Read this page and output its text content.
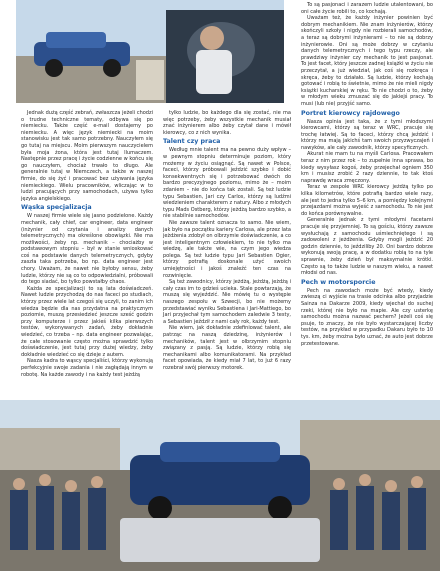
Jednak dużą część zebrań, zwłaszcza jeżeli chodzi o trudne techniczne tematy, odbywa się po niemiecku. Także część e-mail dostajemy po niemiecku. A więc język niemiecki na moim stanowisku jest tak samo potrzebny. Nauczyłem się go tutaj na miejscu. Moim pierwszym nauczycielem była moja żona, która jest tutaj Ilumaczem. Następnie przez pracę i życie codzienne w końcu się go nauczyłem, chociaż trwało to długo. Ale generalnie tutaj w Niemczech, a także w naszej firmie, do się żyć i pracować bez używania języka niemieckiego. Wielu pracowników, wliczając w to ludzi pracujących przy samochodach, używa tylko języka angielskiego.

Wąska specjalizacja

W naszej firmie wiele się jasno podzielone. Każdy mechanik, cały chief, car engineer, data engineer (inżynier od czytania i analizy danych telemetrycznych) ma określone obowiązki. Nie ma możliwości, żeby np. mechanik – chociażby w podstawowym stopniu – był w stanie wnioskować coś na podstawie danych telemetrycznych, gdyby zaszła taka potrzeba, bo np. data engineer jest chory. Uważam, że nawet nie byłoby sensu, żeby ludzie, którzy nie są co to odpowiedzialni, próbowali do tego siadać, bo tylko powstałby chaos.

Każda ze specjalizacji to są lata doświadczeń. Nawet ludzie przychodzą do nas faceci po studiach, którzy przez wiele lat czegoś się uczyli, to zanim ich wiedza będzie dla nas przydatna na praktycznym poziomie, muszą przesiedzieć jeszcze sześć godzin przy komputerze i przez jakieś kilka pierwszych testów, wykonywanych zadań, żeby dokładnie wiedzieć, co trzeba – np. data engineer pozwalając, że całe stosowanie często można sprawdzić tylko doświadczenie, jest tutaj przy dużej wiedzy, żeby dokładnie wiedzieć co się dzieje z autem.

Nasza kadra to wąscy specjaliści, którzy wykonują perfekcyjnie swoje zadania i nie zagłądają innym w robotę. Na każde zawody i na każdy test jeżdżą

tylko ludzie, bo każdego dla się zostać, nie ma więc potrzeby, żeby wszystkie mechanik musiał znać inżynierem albo żeby czytał dane i mówił kierowcy, co z nich wynika.

Talent czy praca

Według mnie talent ma na pewno duży wpływ – w pewnym stopniu determinuje poziom, który możemy w życiu osiągnąć. Są nawet w Polsce, faceci, którzy próbowali jeździć szybko i dobić konsekwentnych się i potrzebować dwóch do bardzo precyzyjnego poziomu, mimo że – moim zdaniem – nie do końca tak zostali. Są też ludzie typu Sebastien, Jari czy Carlos, którzy są ludźmi wiedzieniem charakterem z natury. Albo z młodych typu Mads Ostberg, którzy jeżdżą bardzo szybko, a nie stabilnie samochodów.

Nie zawsze talent oznacza to samo. Nie wiem, jak było na początku kariery Carlosa, ale przez lata jeżdżenia zdobył on olbrzymie doświadczenie, a co jest inteligentnym człowiekiem, to nie tylko ma wiedzę, ale także wie, na czym jego wiedza polega. Są też ludzie typu Jari Sebastien Ogier, którzy potrafią doskonale użyć swoich umiejętności i jakoś znaleźć ten czas na rozwinięcie.

Są też zawodnicy, którzy jeżdżą, jeżdżą, jeżdżą i cały czas im to gdzieś ucieka. Stale powtarzają, że muszą się wyjeździć. Nie mówię tu o występie naszego zespołu w Szwecji, bo nie możemy przedstawiać wyniku Sebastiena i Jari-Mattiego, bo Jari przyjechał tym samochodem zaledwie 3 testy, a Sebastien jeździł z nami cały rok, każdy test.

Nie wiem, jak dokładnie zdefiniować talent, ale patrząc na naszą dziedzinę, inżynierów i mechaników, talent jest w olbrzymim stopniu związany z pasją. Są ludzie, którzy robią się mechanikami albo komunikatorami. Na przykład facet opowiada, że kiedy miał 7 lat, to już 6 razy rozebrał swój pierwszy motorek.

To są pasjonaci i zarazem ludzie utalentowani, bo oni całe życie robili to, co kochają.

Uważam też, że każdy inżynier powinien być dobrym mechanikiem. Nie znam inżynierów, którzy skończyli szkoły i nigdy nie rozbierali samochodów, a teraz są dobrymi inżynierami – to nie są dobrzy inżynierowie. Oni są może dobrzy w czytaniu danych telemetrycznych i tego typu rzeczy, ale prawdziwy inżynier czy mechanik to jest pasjonat. To jest facet, który jeszcze zadnej książki w życiu nie przeczytał, a już wiedział, jak coś się rozkręca i skręca, żeby to działało. Są ludzie, którzy kochają gotować i robią to świetnie, mimo że nie mieli nigdy książki kucharskiej w ręku. To nie chodzi o to, żeby w młodym wieku zmuszać się do jakiejś pracy. To musi (lub nie) przyjść samo.

Portret kierowcy rajdowego

Nasza opinia jest taka, że z tymi młodszymi kierowcami, którzy są teraz w WRC, pracuje się trochę łatwiej. Są to faceci, którzy chcą jeździć i którzy ma mają jakichś tam swoich przyzwyczajeń i nawyków, ale cały zawodnik, którzy specyficznych.

Akurat nie mam tu na myśli Carlosa. Pracowałem teraz z nim przez rok – to zupełnie inna sprawa, bo kiedy wysyłasz kogoś, żeby przejechał ogniem 350 km i musisz zrobić 2 razy dziennie, to tak ktoś naprawdę wraca zmęczony.

Teraz w zespole WRC kierowcy jeżdżą tylko po kilka kilometrów, które potrafią bardzo wiele razy, ale jest to jedna tylko 5–6 km, a pomiędzy kolejnymi przejazdami można wyjeść z samochodu. To nie jest do końca porównywalne.

Generalnie jednak z tymi młodymi facetami pracuje się przyjemniej. To są gościu, którzy zawsze wysłuchają z samochodu uśmiechniętego i są zadowoleni z jeżdżenia. Gdyby mogli jeździć 20 godzin dziennie, to jeździliby 20. Oni bardzo dobrze wykonują swoją pracę, a w dodatku robią to na tyle sprawnie, żeby dzień był maksymalnie krótki. Często są to także ludzie w naszym wieku, a nawet młodsi od nas.

Pech w motorsporcie

Pech na zawodach może być wtedy, kiedy zwieszą ci wyjście na trasie odcinka albo przyjadzie Sainza na Dakarze 2009, kiedy wjechał do suchej rzeki, której nie było na mapie. Ale czy usterkę samochodu można nazwać pechem? Jeżeli coś się psuje, to znaczy, że nie było wystarczającej liczby testów, na przykład w przypadku Dakaru było to 10 tys. km, żeby można było uznać, że auto jest dobrze przetestowane.
